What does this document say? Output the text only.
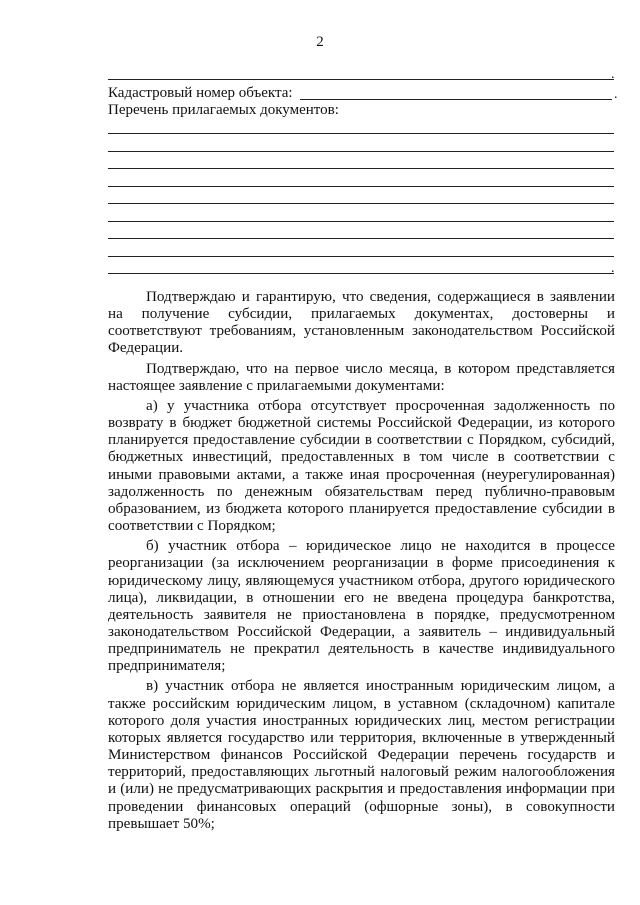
2
.
Кадастровый номер объекта:	.
Перечень прилагаемых документов:
.

Подтверждаю и гарантирую, что сведения, содержащиеся в заявлении на получение субсидии, прилагаемых документах, достоверны и соответствуют требованиям, установленным законодательством Российской Федерации.

Подтверждаю, что на первое число месяца, в котором представляется настоящее заявление с прилагаемыми документами:

а) у участника отбора отсутствует просроченная задолженность по возврату в бюджет бюджетной системы Российской Федерации, из которого планируется предоставление субсидии в соответствии с Порядком, субсидий, бюджетных инвестиций, предоставленных в том числе в соответствии с иными правовыми актами, а также иная просроченная (неурегулированная) задолженность по денежным обязательствам перед публично-правовым образованием, из бюджета которого планируется предоставление субсидии в соответствии с Порядком;

б) участник отбора – юридическое лицо не находится в процессе реорганизации (за исключением реорганизации в форме присоединения к юридическому лицу, являющемуся участником отбора, другого юридического лица), ликвидации, в отношении его не введена процедура банкротства, деятельность заявителя не приостановлена в порядке, предусмотренном законодательством Российской Федерации, а заявитель – индивидуальный предприниматель не прекратил деятельность в качестве индивидуального предпринимателя;

в) участник отбора не является иностранным юридическим лицом, а также российским юридическим лицом, в уставном (складочном) капитале которого доля участия иностранных юридических лиц, местом регистрации которых является государство или территория, включенные в утвержденный Министерством финансов Российской Федерации перечень государств и территорий, предоставляющих льготный налоговый режим налогообложения и (или) не предусматривающих раскрытия и предоставления информации при проведении финансовых операций (офшорные зоны), в совокупности превышает 50%;
